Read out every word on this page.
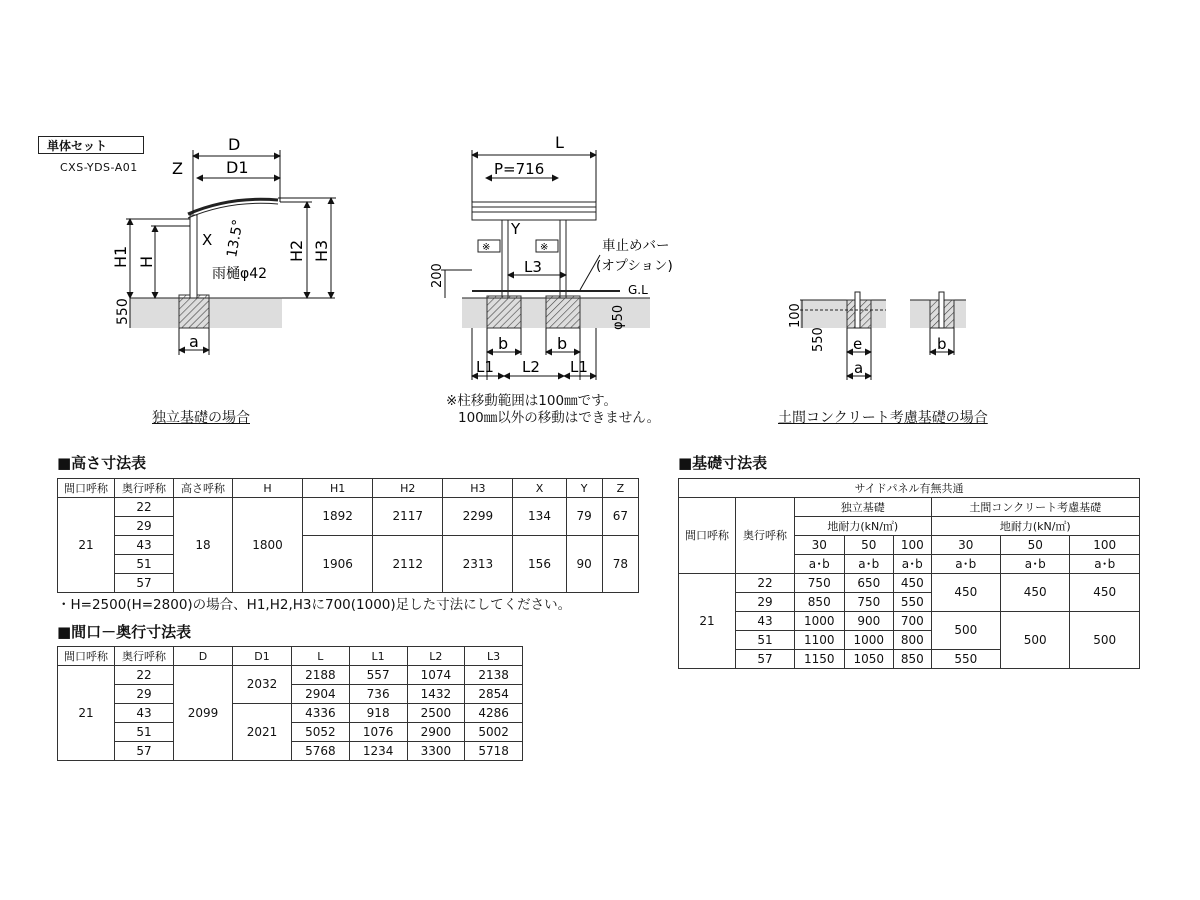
単体セット
CXS-YDS-A01
D
D1
Z
H1 H
X 13.5°
雨樋φ42
H2 H3
550
a
L
P=716
Y
※	※
L3
車止めバー
(オプション)
G.L
200
φ50
b	b
L1 L2 L1
100
550 e
a
b
独立基礎の場合	土間コンクリート考慮基礎の場合
※柱移動範囲は100㎜です。
100㎜以外の移動はできません。
■高さ寸法表
間口呼称	奥行呼称	高さ呼称	H	H1	H2	H3	X	Y	Z
21	22	18	1800	1892	2117	2299	134	79	67
	29								
	43			1906	2112	2313	156	90	78
	51								
	57								
・H=2500(H=2800)の場合、H1,H2,H3に700(1000)足した寸法にしてください。
■間口－奥行寸法表
間口呼称	奥行呼称	D	D1	L	L1	L2	L3
21	22	2099	2032	2188	557	1074	2138
	29			2904	736	1432	2854
	43		2021	4336	918	2500	4286
	51			5052	1076	2900	5002
	57			5768	1234	3300	5718
■基礎寸法表
サイドパネル有無共通							
間口呼称	奥行呼称	独立基礎			土間コンクリート考慮基礎		
		地耐力(kN/㎡)			地耐力(kN/㎡)		
		30	50	100	30	50	100
		a･b	a･b	a･b	a･b	a･b	a･b
21	22	750	650	450	450	450	450
	29	850	750	550			
	43	1000	900	700	500	500	500
	51	1100	1000	800			
	57	1150	1050	850	550		
